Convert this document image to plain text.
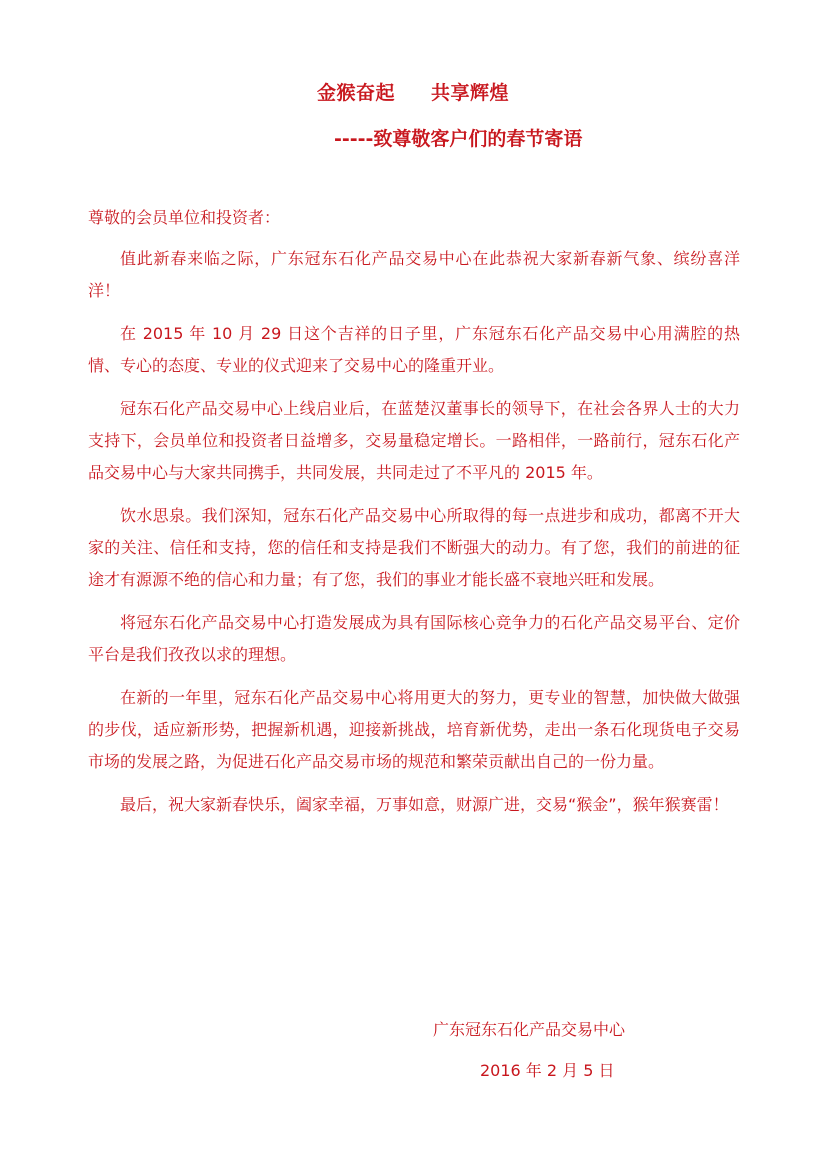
金猴奋起 共享辉煌
-----致尊敬客户们的春节寄语
尊敬的会员单位和投资者：

值此新春来临之际，广东冠东石化产品交易中心在此恭祝大家新春新气象、缤纷喜洋洋！

在 2015 年 10 月 29 日这个吉祥的日子里，广东冠东石化产品交易中心用满腔的热情、专心的态度、专业的仪式迎来了交易中心的隆重开业。

冠东石化产品交易中心上线启业后，在蓝楚汉董事长的领导下，在社会各界人士的大力支持下，会员单位和投资者日益增多，交易量稳定增长。一路相伴，一路前行，冠东石化产品交易中心与大家共同携手，共同发展，共同走过了不平凡的 2015 年。

饮水思泉。我们深知，冠东石化产品交易中心所取得的每一点进步和成功，都离不开大家的关注、信任和支持，您的信任和支持是我们不断强大的动力。有了您，我们的前进的征途才有源源不绝的信心和力量；有了您，我们的事业才能长盛不衰地兴旺和发展。

将冠东石化产品交易中心打造发展成为具有国际核心竞争力的石化产品交易平台、定价平台是我们孜孜以求的理想。

在新的一年里，冠东石化产品交易中心将用更大的努力，更专业的智慧，加快做大做强的步伐，适应新形势，把握新机遇，迎接新挑战，培育新优势，走出一条石化现货电子交易市场的发展之路，为促进石化产品交易市场的规范和繁荣贡献出自己的一份力量。

最后，祝大家新春快乐，阖家幸福，万事如意，财源广进，交易“猴金”，猴年猴赛雷！

广东冠东石化产品交易中心
2016 年 2 月 5 日
